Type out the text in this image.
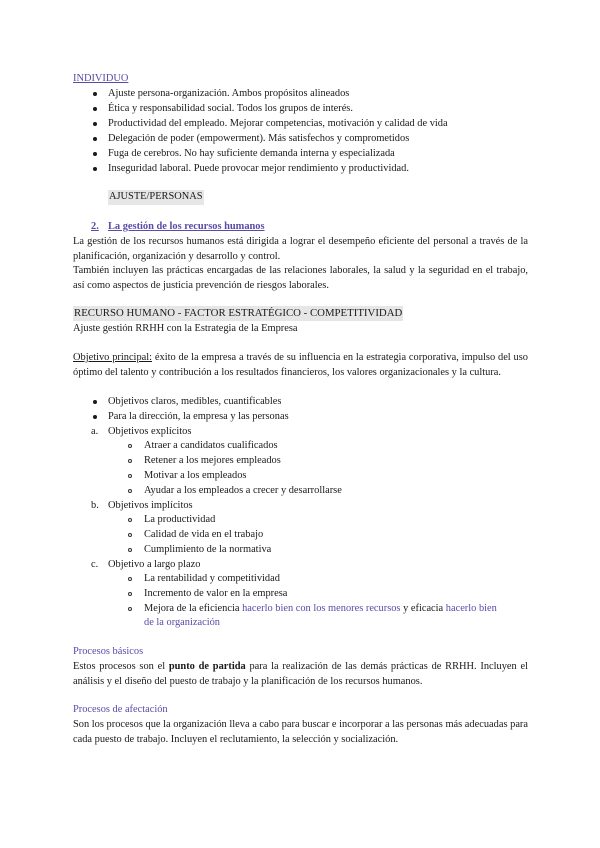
INDIVIDUO
Ajuste persona-organización. Ambos propósitos alineados
Ética y responsabilidad social. Todos los grupos de interés.
Productividad del empleado. Mejorar competencias, motivación y calidad de vida
Delegación de poder (empowerment). Más satisfechos y comprometidos
Fuga de cerebros. No hay suficiente demanda interna y especializada
Inseguridad laboral. Puede provocar mejor rendimiento y productividad.
AJUSTE/PERSONAS
2. La gestión de los recursos humanos
La gestión de los recursos humanos está dirigida a lograr el desempeño eficiente del personal a través de la planificación, organización y desarrollo y control.
También incluyen las prácticas encargadas de las relaciones laborales, la salud y la seguridad en el trabajo, así como aspectos de justicia prevención de riesgos laborales.
RECURSO HUMANO - FACTOR ESTRATÉGICO - COMPETITIVIDAD
Ajuste gestión RRHH con la Estrategia de la Empresa
Objetivo principal: éxito de la empresa a través de su influencia en la estrategia corporativa, impulso del uso óptimo del talento y contribución a los resultados financieros, los valores organizacionales y la cultura.
Objetivos claros, medibles, cuantificables
Para la dirección, la empresa y las personas
a. Objetivos explícitos
Atraer a candidatos cualificados
Retener a los mejores empleados
Motivar a los empleados
Ayudar a los empleados a crecer y desarrollarse
b. Objetivos implícitos
La productividad
Calidad de vida en el trabajo
Cumplimiento de la normativa
c. Objetivo a largo plazo
La rentabilidad y competitividad
Incremento de valor en la empresa
Mejora de la eficiencia hacerlo bien con los menores recursos y eficacia hacerlo bien
de la organización
Procesos básicos
Estos procesos son el punto de partida para la realización de las demás prácticas de RRHH. Incluyen el análisis y el diseño del puesto de trabajo y la planificación de los recursos humanos.
Procesos de afectación
Son los procesos que la organización lleva a cabo para buscar e incorporar a las personas más adecuadas para cada puesto de trabajo. Incluyen el reclutamiento, la selección y socialización.
